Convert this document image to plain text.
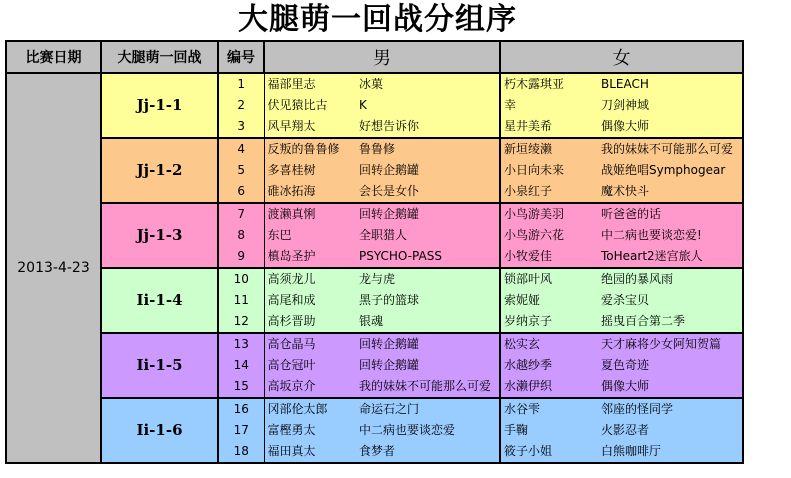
大腿萌一回战分组序
比赛日期	大腿萌一回战	编号	男		女	
2013-4-23	Jj-1-1	1	福部里志	冰菓	朽木露琪亚	BLEACH
		2	伏见猿比古	K	幸	刀剑神域
		3	风早翔太	好想告诉你	星井美希	偶像大师
	Jj-1-2	4	反叛的鲁鲁修	鲁鲁修	新垣绫濑	我的妹妹不可能那么可爱
		5	多喜桂树	回转企鹅罐	小日向未来	战姬绝唱Symphogear
		6	碓冰拓海	会长是女仆	小泉红子	魔术快斗
	Jj-1-3	7	渡濑真悧	回转企鹅罐	小鸟游美羽	听爸爸的话
		8	东巴	全职猎人	小鸟游六花	中二病也要谈恋爱!
		9	槙岛圣护	PSYCHO-PASS	小牧爱佳	ToHeart2迷宫旅人
	Ii-1-4	10	高须龙儿	龙与虎	锁部叶风	绝园的暴风雨
		11	高尾和成	黑子的篮球	索妮娅	爱杀宝贝
		12	高杉晋助	银魂	岁纳京子	摇曳百合第二季
	Ii-1-5	13	高仓晶马	回转企鹅罐	松实玄	天才麻将少女阿知贺篇
		14	高仓冠叶	回转企鹅罐	水越纱季	夏色奇迹
		15	高坂京介	我的妹妹不可能那么可爱	水濑伊织	偶像大师
	Ii-1-6	16	冈部伦太郎	命运石之门	水谷雫	邻座的怪同学
		17	富樫勇太	中二病也要谈恋爱	手鞠	火影忍者
		18	福田真太	食梦者	筱子小姐	白熊咖啡厅
